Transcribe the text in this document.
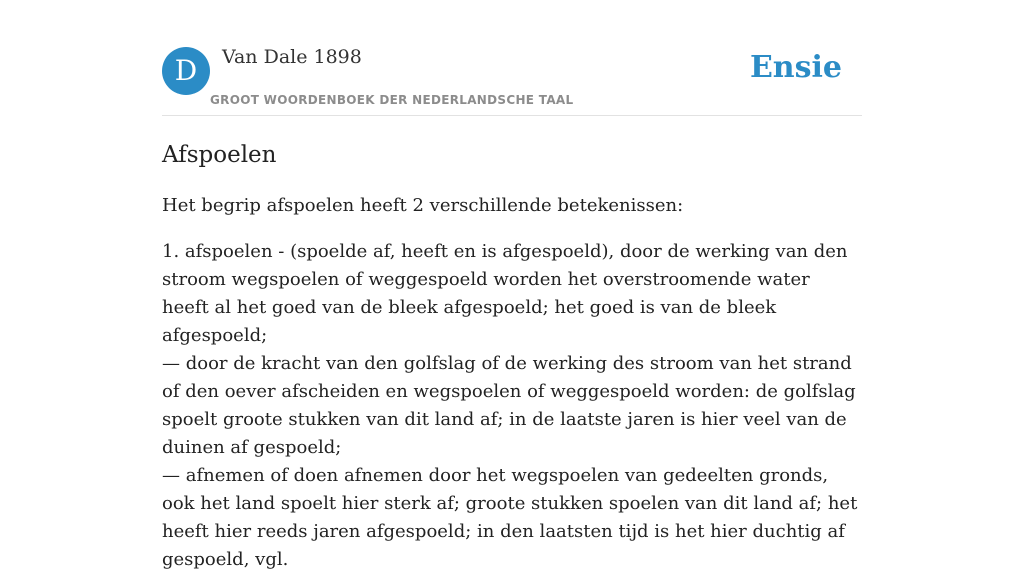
D	Van Dale 1898
GROOT WOORDENBOEK DER NEDERLANDSCHE TAAL
Ensie
Afspoelen

Het begrip afspoelen heeft 2 verschillende betekenissen:

1. afspoelen - (spoelde af, heeft en is afgespoeld), door de werking van den stroom wegspoelen of weggespoeld worden het overstroomende water heeft al het goed van de bleek afgespoeld; het goed is van de bleek afgespoeld;
— door de kracht van den golfslag of de werking des stroom van het strand of den oever afscheiden en wegspoelen of weggespoeld worden: de golfslag spoelt groote stukken van dit land af; in de laatste jaren is hier veel van de duinen af gespoeld;
— afnemen of doen afnemen door het wegspoelen van gedeelten gronds, ook het land spoelt hier sterk af; groote stukken spoelen van dit land af; het heeft hier reeds jaren afgespoeld; in den laatsten tijd is het hier duchtig af gespoeld, vgl.
